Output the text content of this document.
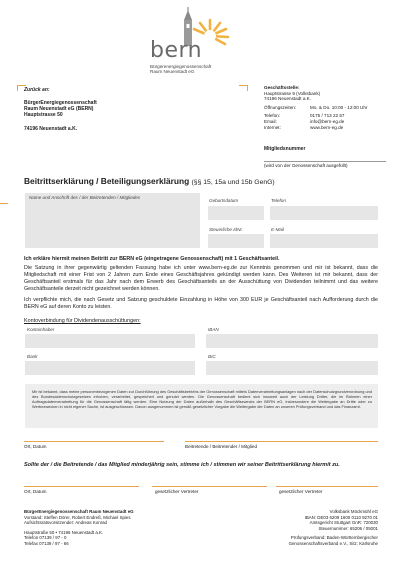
bern
Bürgerenergiegenossenschaft
Raum Neuenstadt eG
Zurück an:
BürgerEnergiegenossenschaft
Raum Neuenstadt eG (BERN)
Hauptstrasse 50
74196 Neuenstadt a.K.
Geschäftsstelle:
Hauptstrasse 9 (Volksbank)
74196 Neuenstadt a.K.
Öffnungszeiten:	Mo. & Do. 10:00 - 12:00 Uhr
Telefon:	0175 / 713 22 57
Email:	info@bern-eg.de
Internet:	www.bern-eg.de
Mitgliedsnummer
(wird von der Genossenschaft ausgefüllt)
Beitrittserklärung / Beteiligungserklärung (§§ 15, 15a und 15b GenG)
Name und Anschrift des / der Beitretenden / Mitgliedes
Geburtsdatum	Telefon
Steuerliche IdNr.	E-Mail
Ich erkläre hiermit meinen Beitritt zur BERN eG (eingetragene Genossenschaft) mit 1 Geschäftsanteil.
Die Satzung in ihrer gegenwärtig geltenden Fassung habe ich unter www.bern-eg.de zur Kenntnis genommen und mir ist bekannt, dass die Mitgliedschaft mit einer Frist von 2 Jahren zum Ende eines Geschäftsjahres gekündigt werden kann. Des Weiteren ist mir bekannt, dass der Geschäftsanteil erstmals für das Jahr nach dem Erwerb des Geschäftsanteils an der Ausschüttung von Dividenden teilnimmt und das weitere Geschäftsanteile derzeit nicht gezeichnet werden können.
Ich verpflichte mich, die nach Gesetz und Satzung geschuldete Einzahlung in Höhe von 300 EUR je Geschäftsanteil nach Aufforderung durch die BERN eG auf deren Konto zu leisten.
Kontoverbindung für Dividendenausschüttungen:
Kontoinhaber	IBAN
Bank	BIC
Mir ist bekannt, dass meine personenbezogenen Daten zur Durchführung des Geschäftsbetriebs der Genossenschaft mittels Datenverarbeitungsanlagen nach der Datenschutzgrundverordnung und des Bundesdatenschutzgesetzes erhoben, verarbeitet, gespeichert und genutzt werden. Die Genossenschaft bedient sich insoweit auch der Leistung Dritter, die im Rahmen einer Auftragsdatenverarbeitung für die Genossenschaft tätig werden. Eine Nutzung der Daten außerhalb des Geschäftszwecks der BERN eG, insbesondere die Weitergabe an Dritte oder zu Werbezwecken in nicht eigener Sache, ist ausgeschlossen. Davon ausgenommen ist gemäß gesetzlicher Vorgabe die Weitergabe der Daten an unseren Prüfungsverband und das Finanzamt.
Ort, Datum	Beitretende / Beitretender / Mitglied
Sollte der / die Beitretende / das Mitglied minderjährig sein, stimme ich / stimmen wir seiner Beitrittserklärung hiermit zu.
Ort, Datum	gesetzlicher Vertreter	gesetzlicher Vertreter
BürgerEnergiegenossenschaft Raum Neuenstadt eG
Vorstand: Steffen Dörer, Robert Endreß, Michael Spies
Aufsichtsratsvorsitzender: Andreas Konrad
Hauptstraße 50 • 74196 Neuenstadt a.K.
Telefon 07139 / 97 - 0
Telefax 07139 / 97 - 66
Volksbank Möckmühl eG
IBAN: DE03 6209 1600 0110 9270 01
Amtsgericht Stuttgart GnR: 720030
Steuernummer: 65206 / 05001
Prüfungsverband: Baden-Württembergischer
Genossenschaftsverband e.V., Sitz: Karlsruhe
